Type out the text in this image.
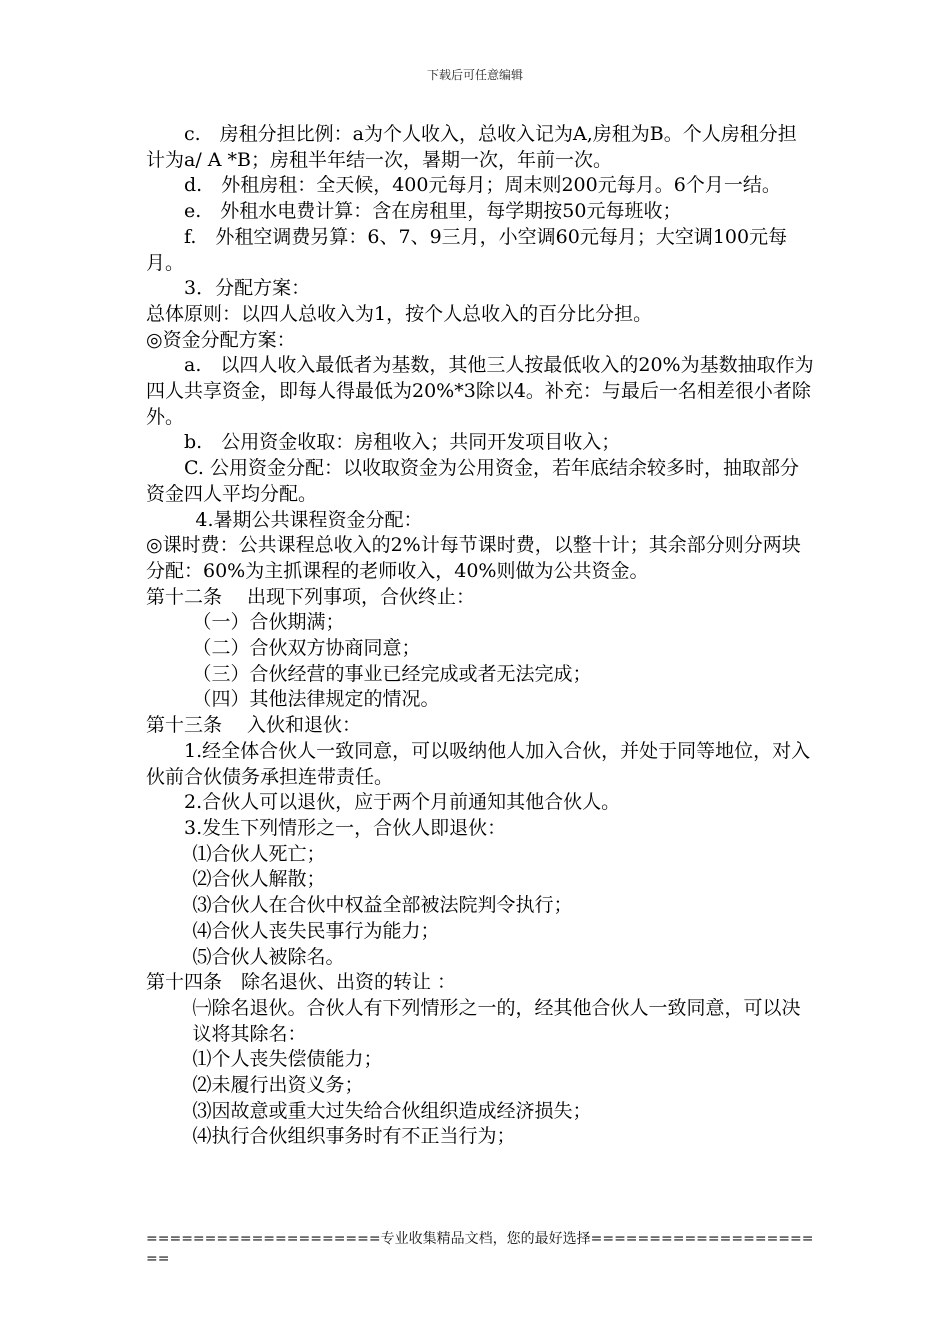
下载后可任意编辑

c.　房租分担比例：a为个人收入，总收入记为A,房租为B。个人房租分担计为a/ A *B；房租半年结一次，暑期一次，年前一次。

d.　外租房租：全天候，400元每月；周末则200元每月。6个月一结。

e.　外租水电费计算：含在房租里，每学期按50元每班收；

f.　外租空调费另算：6、7、9三月，小空调60元每月；大空调100元每月。

3．分配方案：

总体原则：以四人总收入为1，按个人总收入的百分比分担。

◎资金分配方案：

a.　以四人收入最低者为基数，其他三人按最低收入的20%为基数抽取作为四人共享资金，即每人得最低为20%*3除以4。补充：与最后一名相差很小者除外。

b.　公用资金收取：房租收入；共同开发项目收入；

C. 公用资金分配：以收取资金为公用资金，若年底结余较多时，抽取部分资金四人平均分配。

4.暑期公共课程资金分配：

◎课时费：公共课程总收入的2%计每节课时费，以整十计；其余部分则分两块分配：60%为主抓课程的老师收入，40%则做为公共资金。

第十二条　 出现下列事项，合伙终止：

（一）合伙期满；

（二）合伙双方协商同意；

（三）合伙经营的事业已经完成或者无法完成；

（四）其他法律规定的情况。

第十三条　 入伙和退伙：

1.经全体合伙人一致同意，可以吸纳他人加入合伙，并处于同等地位，对入伙前合伙债务承担连带责任。

2.合伙人可以退伙，应于两个月前通知其他合伙人。

3.发生下列情形之一，合伙人即退伙：

⑴合伙人死亡；

⑵合伙人解散；

⑶合伙人在合伙中权益全部被法院判令执行；

⑷合伙人丧失民事行为能力；

⑸合伙人被除名。

第十四条　除名退伙、出资的转让 ：

㈠除名退伙。合伙人有下列情形之一的，经其他合伙人一致同意，可以决议将其除名：

⑴个人丧失偿债能力；

⑵未履行出资义务；

⑶因故意或重大过失给合伙组织造成经济损失；

⑷执行合伙组织事务时有不正当行为；

====================专业收集精品文档，您的最好选择=====================
